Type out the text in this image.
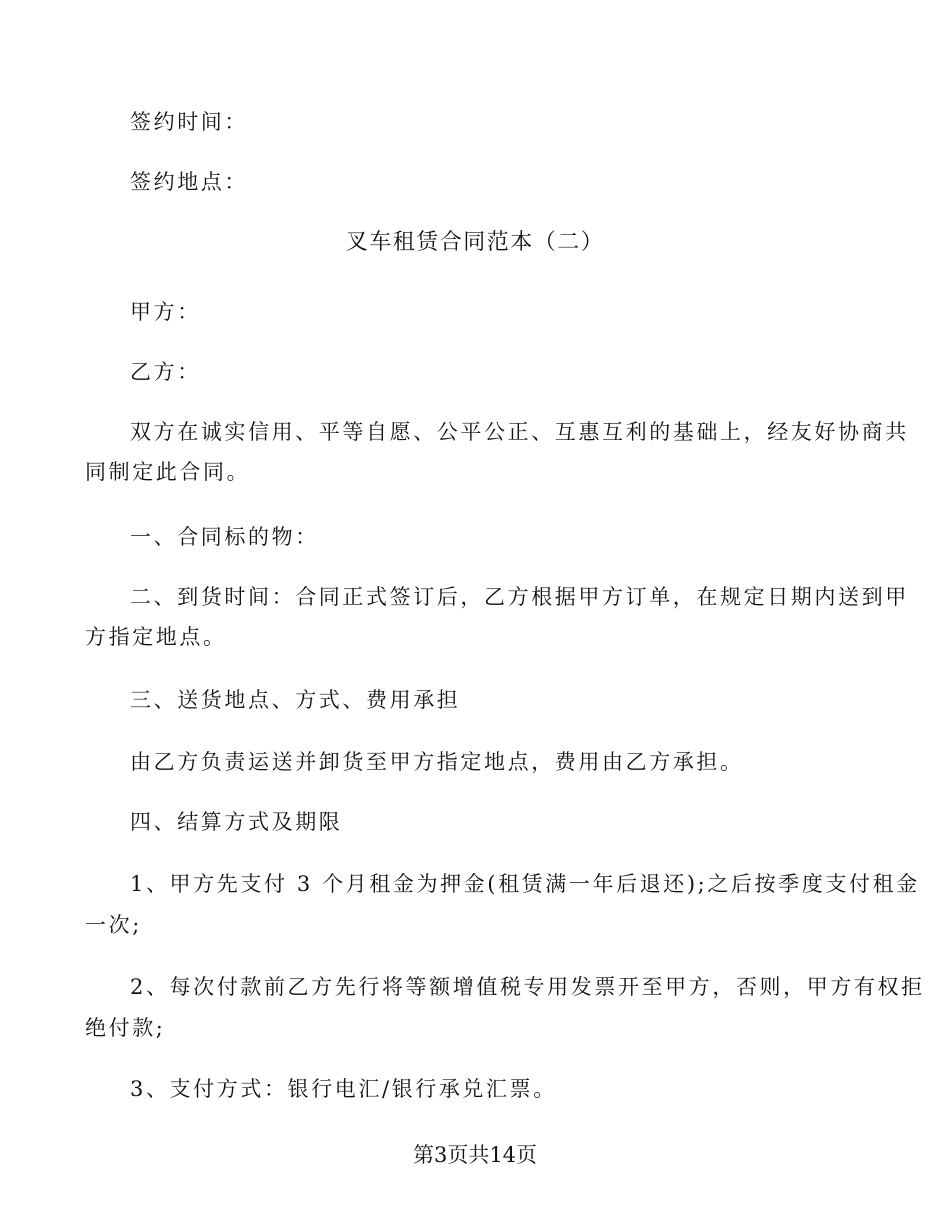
签约时间：
签约地点：
叉车租赁合同范本（二）
甲方：
乙方：
双方在诚实信用、平等自愿、公平公正、互惠互利的基础上，经友好协商共
同制定此合同。
一、合同标的物：
二、到货时间：合同正式签订后，乙方根据甲方订单，在规定日期内送到甲
方指定地点。
三、送货地点、方式、费用承担
由乙方负责运送并卸货至甲方指定地点，费用由乙方承担。
四、结算方式及期限
1、甲方先支付 3 个月租金为押金(租赁满一年后退还);之后按季度支付租金
一次;
2、每次付款前乙方先行将等额增值税专用发票开至甲方，否则，甲方有权拒
绝付款;
3、支付方式：银行电汇/银行承兑汇票。
第3页共14页
